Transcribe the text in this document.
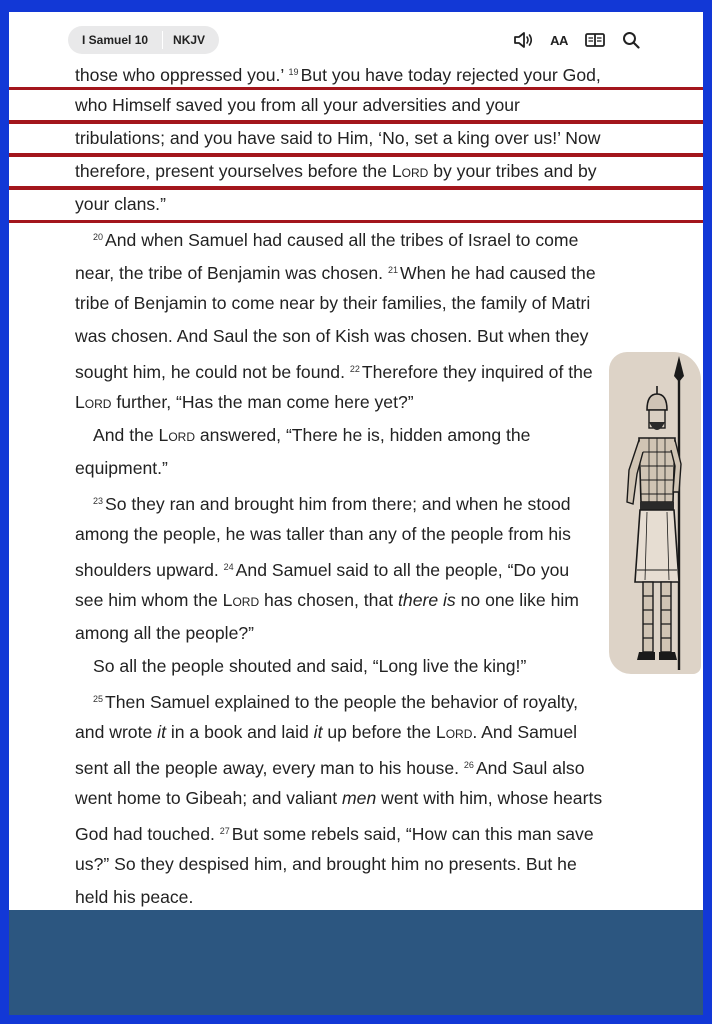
I Samuel 10	NKJV	AA
those who oppressed you.’ $^{19}$ But you have today rejected your God,
who Himself saved you from all your adversities and your
tribulations; and you have said to Him, ‘No, set a king over us!’ Now
therefore, present yourselves before the Lord by your tribes and by
your clans.”
$^{20}$ And when Samuel had caused all the tribes of Israel to come
near, the tribe of Benjamin was chosen. $^{21}$ When he had caused the
tribe of Benjamin to come near by their families, the family of Matri
was chosen. And Saul the son of Kish was chosen. But when they
sought him, he could not be found. $^{22}$ Therefore they inquired of the
Lord further, “Has the man come here yet?”
And the Lord answered, “There he is, hidden among the
equipment.”
$^{23}$ So they ran and brought him from there; and when he stood
among the people, he was taller than any of the people from his
shoulders upward. $^{24}$ And Samuel said to all the people, “Do you
see him whom the Lord has chosen, that there is no one like him
among all the people?”
So all the people shouted and said, “Long live the king!”
$^{25}$ Then Samuel explained to the people the behavior of royalty,
and wrote it in a book and laid it up before the Lord. And Samuel
sent all the people away, every man to his house. $^{26}$ And Saul also
went home to Gibeah; and valiant men went with him, whose hearts
God had touched. $^{27}$ But some rebels said, “How can this man save
us?” So they despised him, and brought him no presents. But he
held his peace.
